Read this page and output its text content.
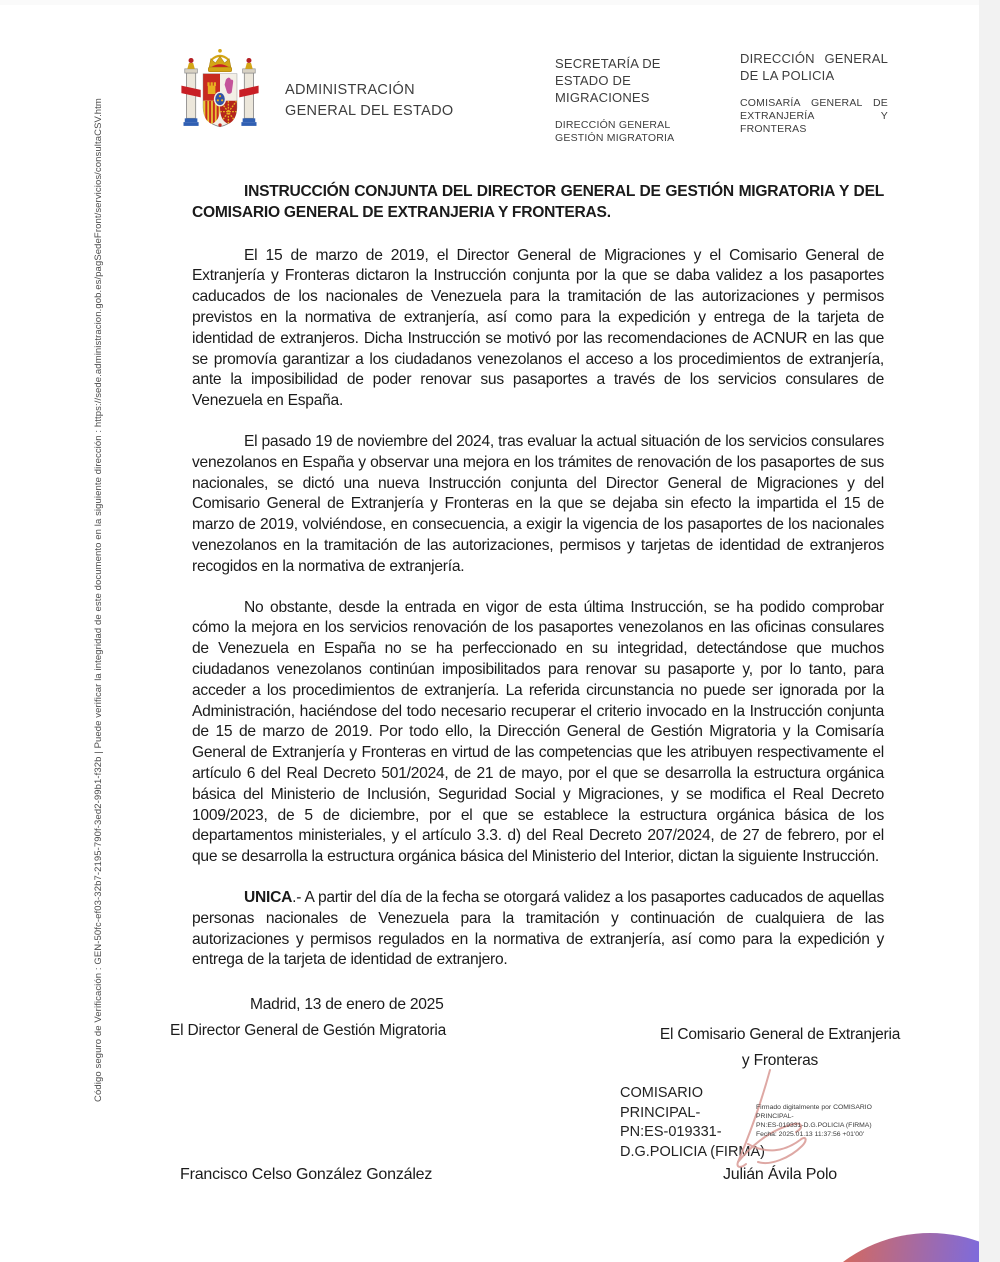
Código seguro de Verificación : GEN-50fc-ef03-32b7-2195-790f-3ed2-99b1-f32b | Puede verificar la integridad de este documento en la siguiente dirección : https://sede.administracion.gob.es/pagSedeFront/servicios/consultaCSV.htm
ADMINISTRACIÓN
GENERAL DEL ESTADO
SECRETARÍA DE ESTADO DE MIGRACIONES
DIRECCIÓN GENERAL GESTIÓN MIGRATORIA
DIRECCIÓN GENERAL DE LA POLICIA
COMISARÍA GENERAL DE EXTRANJERÍA Y FRONTERAS
INSTRUCCIÓN CONJUNTA DEL DIRECTOR GENERAL DE GESTIÓN MIGRATORIA Y DEL COMISARIO GENERAL DE EXTRANJERIA Y FRONTERAS.

El 15 de marzo de 2019, el Director General de Migraciones y el Comisario General de Extranjería y Fronteras dictaron la Instrucción conjunta por la que se daba validez a los pasaportes caducados de los nacionales de Venezuela para la tramitación de las autorizaciones y permisos previstos en la normativa de extranjería, así como para la expedición y entrega de la tarjeta de identidad de extranjeros. Dicha Instrucción se motivó por las recomendaciones de ACNUR en las que se promovía garantizar a los ciudadanos venezolanos el acceso a los procedimientos de extranjería, ante la imposibilidad de poder renovar sus pasaportes a través de los servicios consulares de Venezuela en España.

El pasado 19 de noviembre del 2024, tras evaluar la actual situación de los servicios consulares venezolanos en España y observar una mejora en los trámites de renovación de los pasaportes de sus nacionales, se dictó una nueva Instrucción conjunta del Director General de Migraciones y del Comisario General de Extranjería y Fronteras en la que se dejaba sin efecto la impartida el 15 de marzo de 2019, volviéndose, en consecuencia, a exigir la vigencia de los pasaportes de los nacionales venezolanos en la tramitación de las autorizaciones, permisos y tarjetas de identidad de extranjeros recogidos en la normativa de extranjería.

No obstante, desde la entrada en vigor de esta última Instrucción, se ha podido comprobar cómo la mejora en los servicios renovación de los pasaportes venezolanos en las oficinas consulares de Venezuela en España no se ha perfeccionado en su integridad, detectándose que muchos ciudadanos venezolanos continúan imposibilitados para renovar su pasaporte y, por lo tanto, para acceder a los procedimientos de extranjería. La referida circunstancia no puede ser ignorada por la Administración, haciéndose del todo necesario recuperar el criterio invocado en la Instrucción conjunta de 15 de marzo de 2019. Por todo ello, la Dirección General de Gestión Migratoria y la Comisaría General de Extranjería y Fronteras en virtud de las competencias que les atribuyen respectivamente el artículo 6 del Real Decreto 501/2024, de 21 de mayo, por el que se desarrolla la estructura orgánica básica del Ministerio de Inclusión, Seguridad Social y Migraciones, y se modifica el Real Decreto 1009/2023, de 5 de diciembre, por el que se establece la estructura orgánica básica de los departamentos ministeriales, y el artículo 3.3. d) del Real Decreto 207/2024, de 27 de febrero, por el que se desarrolla la estructura orgánica básica del Ministerio del Interior, dictan la siguiente Instrucción.

UNICA.- A partir del día de la fecha se otorgará validez a los pasaportes caducados de aquellas personas nacionales de Venezuela para la tramitación y continuación de cualquiera de las autorizaciones y permisos regulados en la normativa de extranjería, así como para la expedición y entrega de la tarjeta de identidad de extranjero.

Madrid, 13 de enero de 2025
El Director General de Gestión Migratoria	El Comisario General de Extranjeria
y Fronteras
COMISARIO
PRINCIPAL-
PN:ES-019331-
D.G.POLICIA (FIRMA)
Firmado digitalmente por COMISARIO PRINCIPAL-
PN:ES-019331-D.G.POLICIA (FIRMA)
Fecha: 2025.01.13 11:37:56 +01'00'
Francisco Celso González González	Julián Ávila Polo
